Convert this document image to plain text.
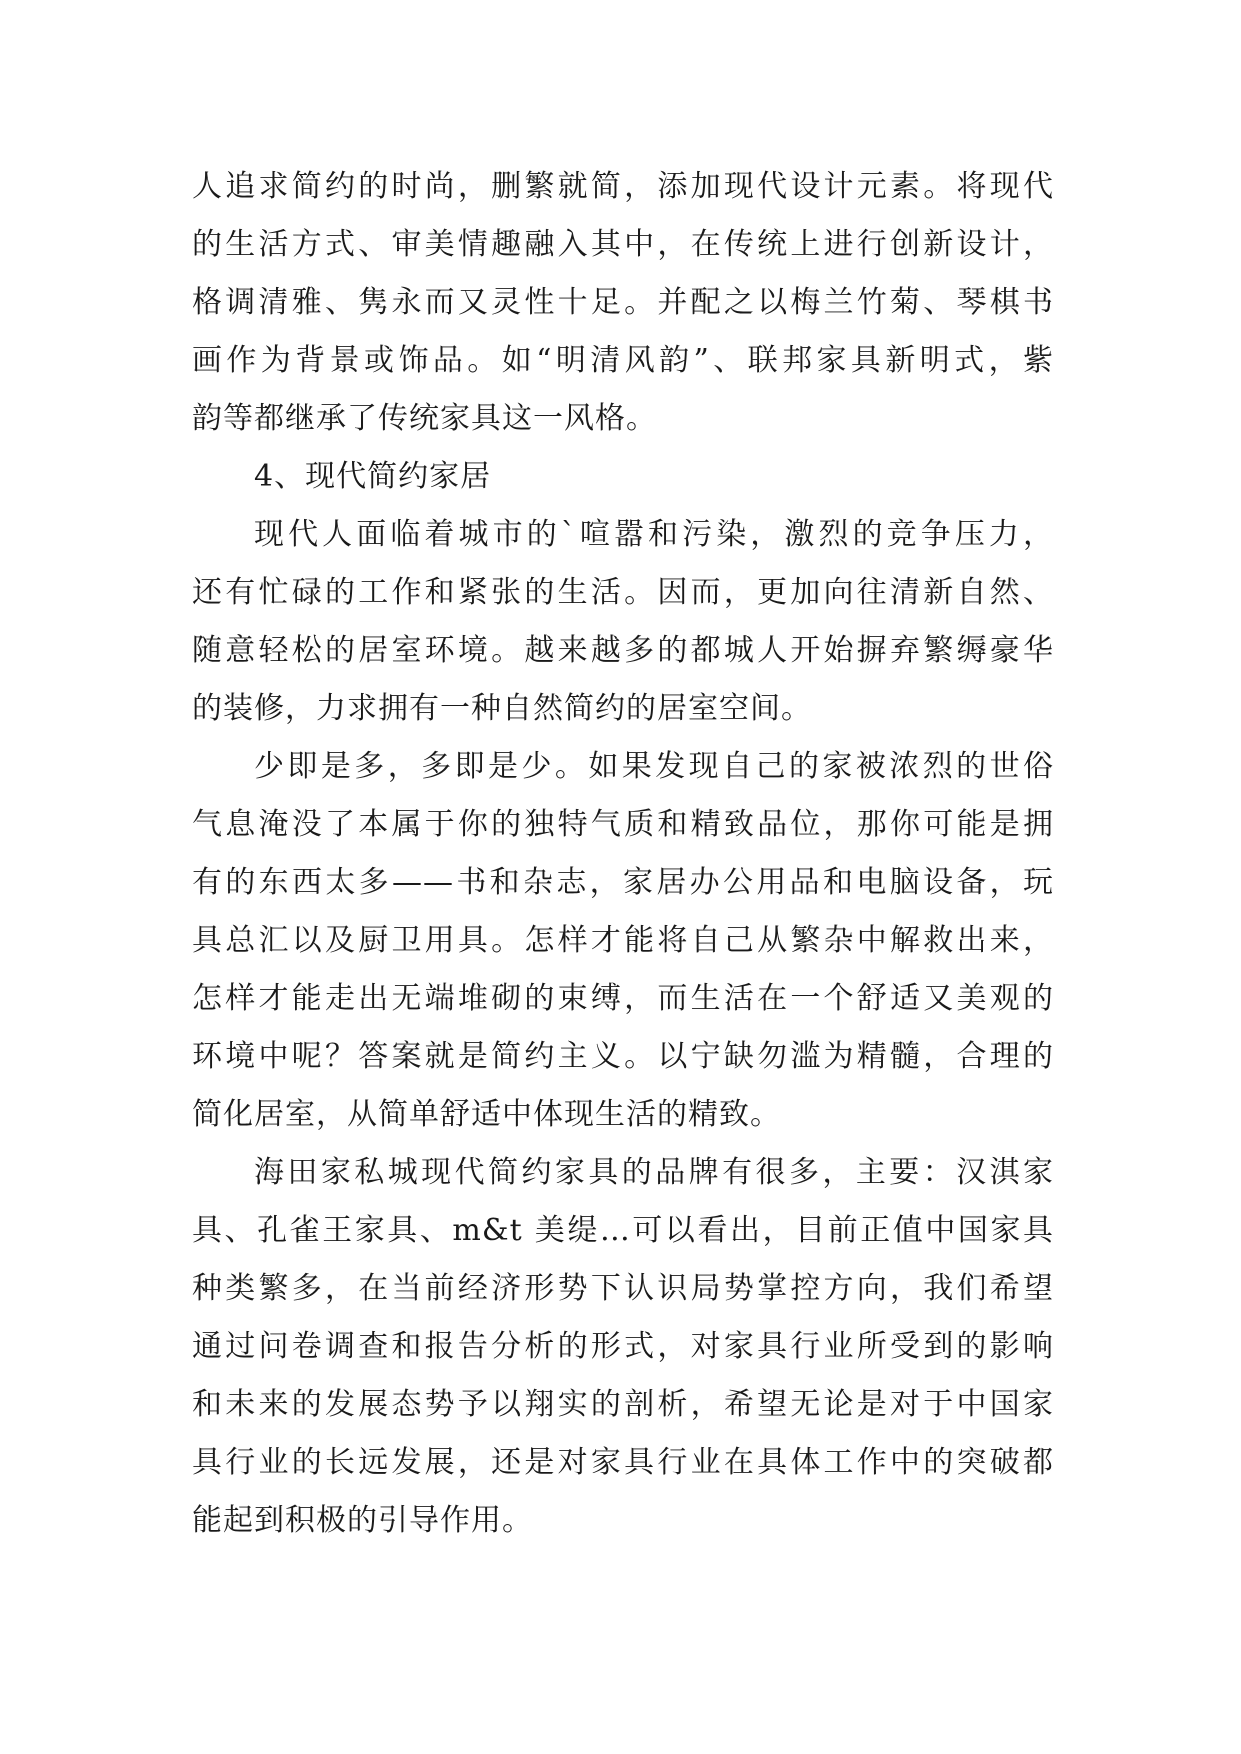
人追求简约的时尚，删繁就简，添加现代设计元素。将现代
的生活方式、审美情趣融入其中，在传统上进行创新设计，
格调清雅、隽永而又灵性十足。并配之以梅兰竹菊、琴棋书
画作为背景或饰品。如“明清风韵”、联邦家具新明式，紫
韵等都继承了传统家具这一风格。
4、现代简约家居
现代人面临着城市的`喧嚣和污染，激烈的竞争压力，
还有忙碌的工作和紧张的生活。因而，更加向往清新自然、
随意轻松的居室环境。越来越多的都城人开始摒弃繁缛豪华
的装修，力求拥有一种自然简约的居室空间。
少即是多，多即是少。如果发现自己的家被浓烈的世俗
气息淹没了本属于你的独特气质和精致品位，那你可能是拥
有的东西太多——书和杂志，家居办公用品和电脑设备，玩
具总汇以及厨卫用具。怎样才能将自己从繁杂中解救出来，
怎样才能走出无端堆砌的束缚，而生活在一个舒适又美观的
环境中呢？答案就是简约主义。以宁缺勿滥为精髓，合理的
简化居室，从简单舒适中体现生活的精致。
海田家私城现代简约家具的品牌有很多，主要：汉淇家
具、孔雀王家具、m&t 美缇…可以看出，目前正值中国家具
种类繁多，在当前经济形势下认识局势掌控方向，我们希望
通过问卷调查和报告分析的形式，对家具行业所受到的影响
和未来的发展态势予以翔实的剖析，希望无论是对于中国家
具行业的长远发展，还是对家具行业在具体工作中的突破都
能起到积极的引导作用。
